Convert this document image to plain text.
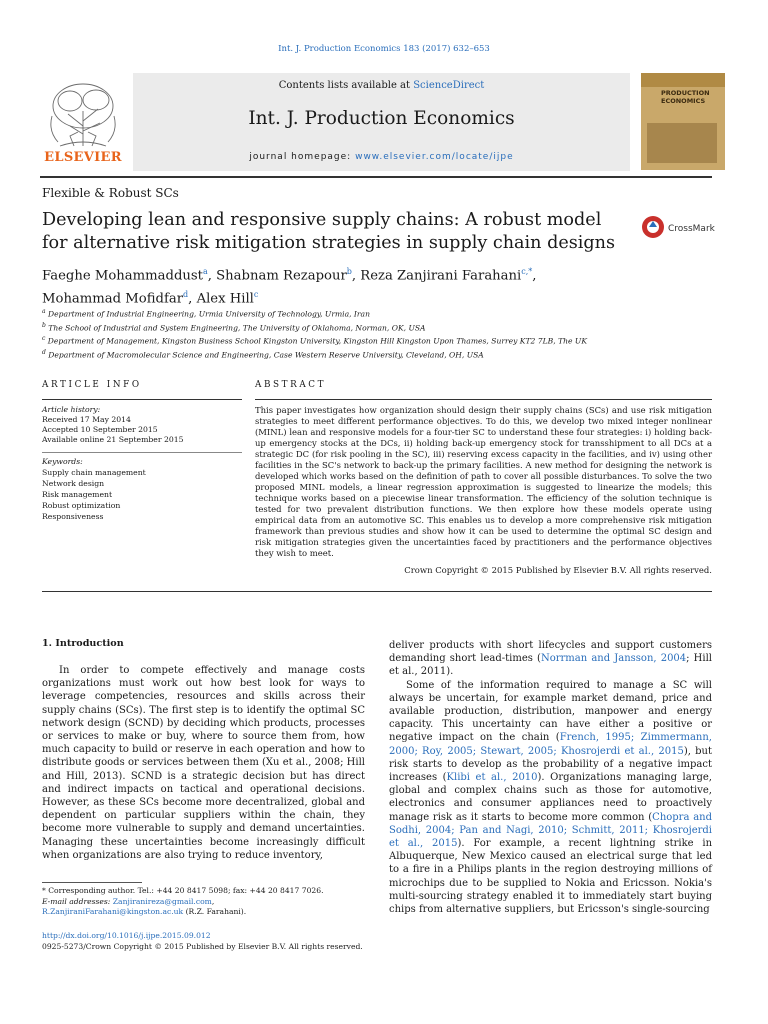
Int. J. Production Economics 183 (2017) 632–653
Contents lists available at ScienceDirect
Int. J. Production Economics
journal homepage: www.elsevier.com/locate/ijpe
ELSEVIER
PRODUCTION
ECONOMICS
Flexible & Robust SCs
Developing lean and responsive supply chains: A robust model for alternative risk mitigation strategies in supply chain designs
CrossMark
Faeghe Mohammaddust$^a$, Shabnam Rezapour$^b$, Reza Zanjirani Farahani$^{c,*}$,
Mohammad Mofidfar$^d$, Alex Hill$^c$
$^a$ Department of Industrial Engineering, Urmia University of Technology, Urmia, Iran
$^b$ The School of Industrial and System Engineering, The University of Oklahoma, Norman, OK, USA
$^c$ Department of Management, Kingston Business School Kingston University, Kingston Hill Kingston Upon Thames, Surrey KT2 7LB, The UK
$^d$ Department of Macromolecular Science and Engineering, Case Western Reserve University, Cleveland, OH, USA
ARTICLE INFO	ABSTRACT
Article history:
Received 17 May 2014
Accepted 10 September 2015
Available online 21 September 2015
Keywords:
Supply chain management
Network design
Risk management
Robust optimization
Responsiveness
This paper investigates how organization should design their supply chains (SCs) and use risk mitigation strategies to meet different performance objectives. To do this, we develop two mixed integer nonlinear (MINL) lean and responsive models for a four-tier SC to understand these four strategies: i) holding back-up emergency stocks at the DCs, ii) holding back-up emergency stock for transshipment to all DCs at a strategic DC (for risk pooling in the SC), iii) reserving excess capacity in the facilities, and iv) using other facilities in the SC's network to back-up the primary facilities. A new method for designing the network is developed which works based on the definition of path to cover all possible disturbances. To solve the two proposed MINL models, a linear regression approximation is suggested to linearize the models; this technique works based on a piecewise linear transformation. The efficiency of the solution technique is tested for two prevalent distribution functions. We then explore how these models operate using empirical data from an automotive SC. This enables us to develop a more comprehensive risk mitigation framework than previous studies and show how it can be used to determine the optimal SC design and risk mitigation strategies given the uncertainties faced by practitioners and the performance objectives they wish to meet.
Crown Copyright © 2015 Published by Elsevier B.V. All rights reserved.
1. Introduction

In order to compete effectively and manage costs organizations must work out how best look for ways to leverage competencies, resources and skills across their supply chains (SCs). The first step is to identify the optimal SC network design (SCND) by deciding which products, processes or services to make or buy, where to source them from, how much capacity to build or reserve in each operation and how to distribute goods or services between them (Xu et al., 2008; Hill and Hill, 2013). SCND is a strategic decision but has direct and indirect impacts on tactical and operational decisions. However, as these SCs become more decentralized, global and dependent on particular suppliers within the chain, they become more vulnerable to supply and demand uncertainties. Managing these uncertainties become increasingly difficult when organizations are also trying to reduce inventory,

deliver products with short lifecycles and support customers demanding short lead-times (Norrman and Jansson, 2004; Hill et al., 2011).

Some of the information required to manage a SC will always be uncertain, for example market demand, price and available production, distribution, manpower and energy capacity. This uncertainty can have either a positive or negative impact on the chain (French, 1995; Zimmermann, 2000; Roy, 2005; Stewart, 2005; Khosrojerdi et al., 2015), but risk starts to develop as the probability of a negative impact increases (Klibi et al., 2010). Organizations managing large, global and complex chains such as those for automotive, electronics and consumer appliances need to proactively manage risk as it starts to become more common (Chopra and Sodhi, 2004; Pan and Nagi, 2010; Schmitt, 2011; Khosrojerdi et al., 2015). For example, a recent lightning strike in Albuquerque, New Mexico caused an electrical surge that led to a fire in a Philips plants in the region destroying millions of microchips due to be supplied to Nokia and Ericsson. Nokia's multi-sourcing strategy enabled it to immediately start buying chips from alternative suppliers, but Ericsson's single-sourcing

* Corresponding author. Tel.: +44 20 8417 5098; fax: +44 20 8417 7026.
E-mail addresses: Zanjiranireza@gmail.com,
R.ZanjiraniFarahani@kingston.ac.uk (R.Z. Farahani).
http://dx.doi.org/10.1016/j.ijpe.2015.09.012
0925-5273/Crown Copyright © 2015 Published by Elsevier B.V. All rights reserved.
